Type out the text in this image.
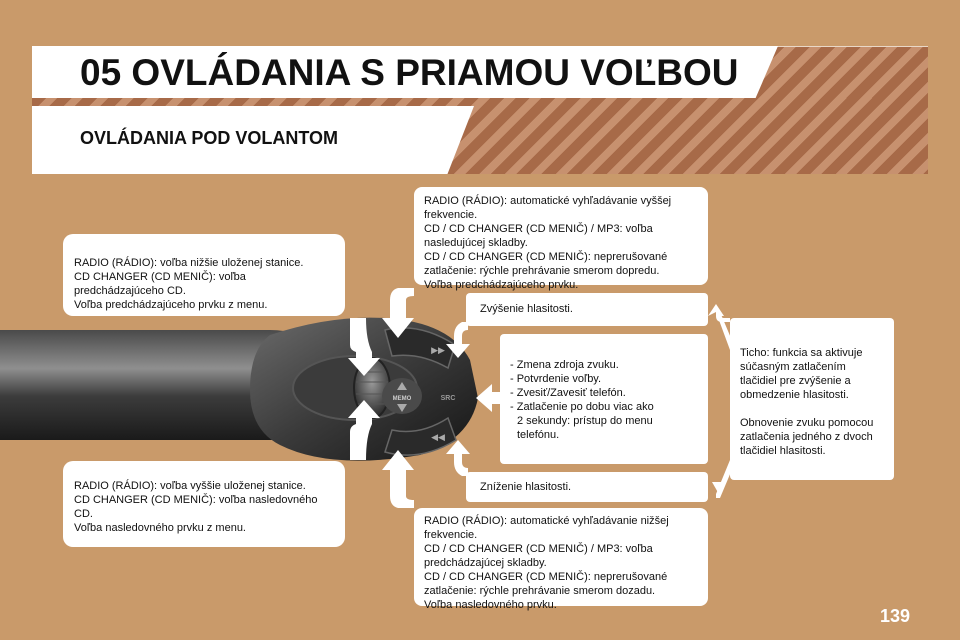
05 OVLÁDANIA S PRIAMOU VOĽBOU
OVLÁDANIA POD VOLANTOM

RADIO (RÁDIO): voľba nižšie uloženej stanice.

CD CHANGER (CD MENIČ): voľba

predchádzajúceho CD.

Voľba predchádzajúceho prvku z menu.

RADIO (RÁDIO): voľba vyššie uloženej stanice.

CD CHANGER (CD MENIČ): voľba nasledovného

CD.

Voľba nasledovného prvku z menu.

RADIO (RÁDIO): automatické vyhľadávanie vyššej

frekvencie.

CD / CD CHANGER (CD MENIČ) / MP3: voľba

nasledujúcej skladby.

CD / CD CHANGER (CD MENIČ): neprerušované

zatlačenie: rýchle prehrávanie smerom dopredu.

Voľba predchádzajúceho prvku.

Zvýšenie hlasitosti.

- Zmena zdroja zvuku.

- Potvrdenie voľby.

- Zvesiť/Zavesiť telefón.

- Zatlačenie po dobu viac ako

2 sekundy: prístup do menu

telefónu.

Zníženie hlasitosti.

RADIO (RÁDIO): automatické vyhľadávanie nižšej

frekvencie.

CD / CD CHANGER (CD MENIČ) / MP3: voľba

predchádzajúcej skladby.

CD / CD CHANGER (CD MENIČ): neprerušované

zatlačenie: rýchle prehrávanie smerom dozadu.

Voľba nasledovného prvku.

Ticho: funkcia sa aktivuje

súčasným zatlačením

tlačidiel pre zvýšenie a

obmedzenie hlasitosti.

Obnovenie zvuku pomocou

zatlačenia jedného z dvoch

tlačidiel hlasitosti.

MEMO
▶▶
◀◀
SRC
139
